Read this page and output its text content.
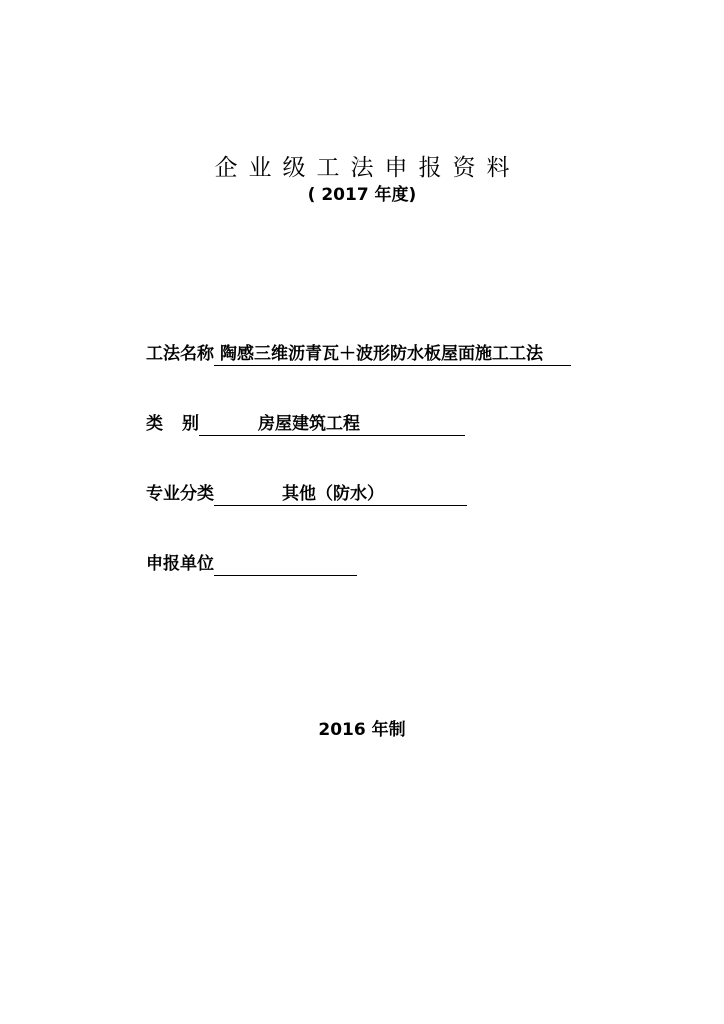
企业级工法申报资料
( 2017 年度)
工法名称 陶感三维沥青瓦＋波形防水板屋面施工工法
类 别	房屋建筑工程
专业分类	其他（防水）
申报单位
2016 年制
